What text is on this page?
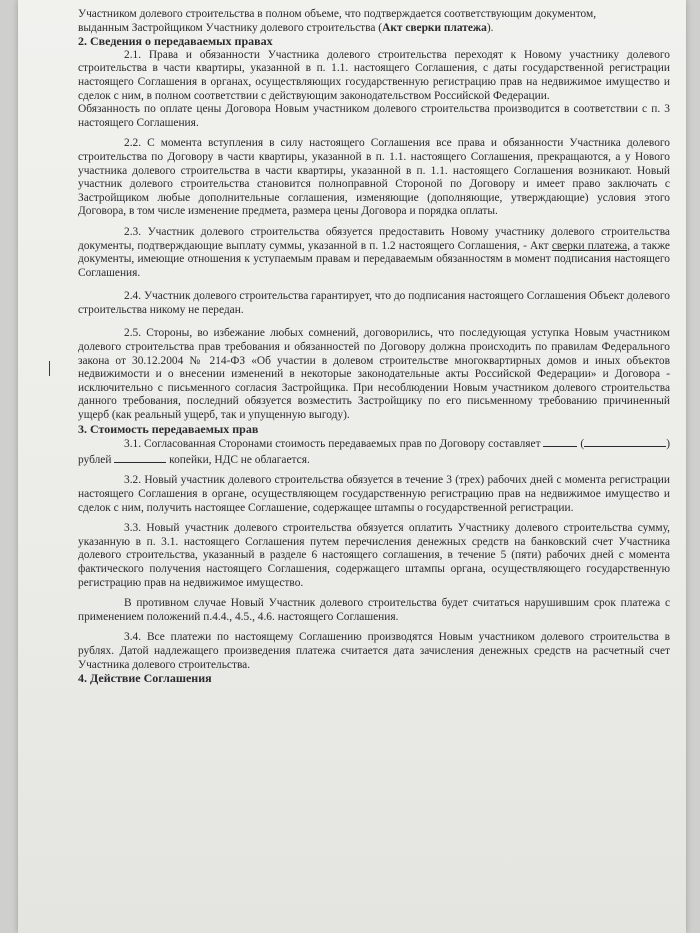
Участником долевого строительства в полном объеме, что подтверждается соответствующим документом,

выданным Застройщиком Участнику долевого строительства (Акт сверки платежа).

2. Сведения о передаваемых правах

2.1. Права и обязанности Участника долевого строительства переходят к Новому участнику долевого строительства в части квартиры, указанной в п. 1.1. настоящего Соглашения, с даты государственной регистрации настоящего Соглашения в органах, осуществляющих государственную регистрацию прав на недвижимое имущество и сделок с ним, в полном соответствии с действующим законодательством Российской Федерации.

Обязанность по оплате цены Договора Новым участником долевого строительства производится в соответствии с п. 3 настоящего Соглашения.

2.2. С момента вступления в силу настоящего Соглашения все права и обязанности Участника долевого строительства по Договору в части квартиры, указанной в п. 1.1. настоящего Соглашения, прекращаются, а у Нового участника долевого строительства в части квартиры, указанной в п. 1.1. настоящего Соглашения возникают. Новый участник долевого строительства становится полноправной Стороной по Договору и имеет право заключать с Застройщиком любые дополнительные соглашения, изменяющие (дополняющие, утверждающие) условия этого Договора, в том числе изменение предмета, размера цены Договора и порядка оплаты.

2.3. Участник долевого строительства обязуется предоставить Новому участнику долевого строительства документы, подтверждающие выплату суммы, указанной в п. 1.2 настоящего Соглашения, - Акт сверки платежа, а также документы, имеющие отношения к уступаемым правам и передаваемым обязанностям в момент подписания настоящего Соглашения.

2.4. Участник долевого строительства гарантирует, что до подписания настоящего Соглашения Объект долевого строительства никому не передан.

2.5. Стороны, во избежание любых сомнений, договорились, что последующая уступка Новым участником долевого строительства прав требования и обязанностей по Договору должна происходить по правилам Федерального закона от 30.12.2004 № 214-ФЗ «Об участии в долевом строительстве многоквартирных домов и иных объектов недвижимости и о внесении изменений в некоторые законодательные акты Российской Федерации» и Договора - исключительно с письменного согласия Застройщика. При несоблюдении Новым участником долевого строительства данного требования, последний обязуется возместить Застройщику по его письменному требованию причиненный ущерб (как реальный ущерб, так и упущенную выгоду).

3. Стоимость передаваемых прав

3.1. Согласованная Сторонами стоимость передаваемых прав по Договору составляет	(	) рублей	копейки, НДС не облагается.

3.2. Новый участник долевого строительства обязуется в течение 3 (трех) рабочих дней с момента регистрации настоящего Соглашения в органе, осуществляющем государственную регистрацию прав на недвижимое имущество и сделок с ним, получить настоящее Соглашение, содержащее штампы о государственной регистрации.

3.3. Новый участник долевого строительства обязуется оплатить Участнику долевого строительства сумму, указанную в п. 3.1. настоящего Соглашения путем перечисления денежных средств на банковский счет Участника долевого строительства, указанный в разделе 6 настоящего соглашения, в течение 5 (пяти) рабочих дней с момента фактического получения настоящего Соглашения, содержащего штампы органа, осуществляющего государственную регистрацию прав на недвижимое имущество.

В противном случае Новый Участник долевого строительства будет считаться нарушившим срок платежа с применением положений п.4.4., 4.5., 4.6. настоящего Соглашения.

3.4. Все платежи по настоящему Соглашению производятся Новым участником долевого строительства в рублях. Датой надлежащего произведения платежа считается дата зачисления денежных средств на расчетный счет Участника долевого строительства.

4. Действие Соглашения
